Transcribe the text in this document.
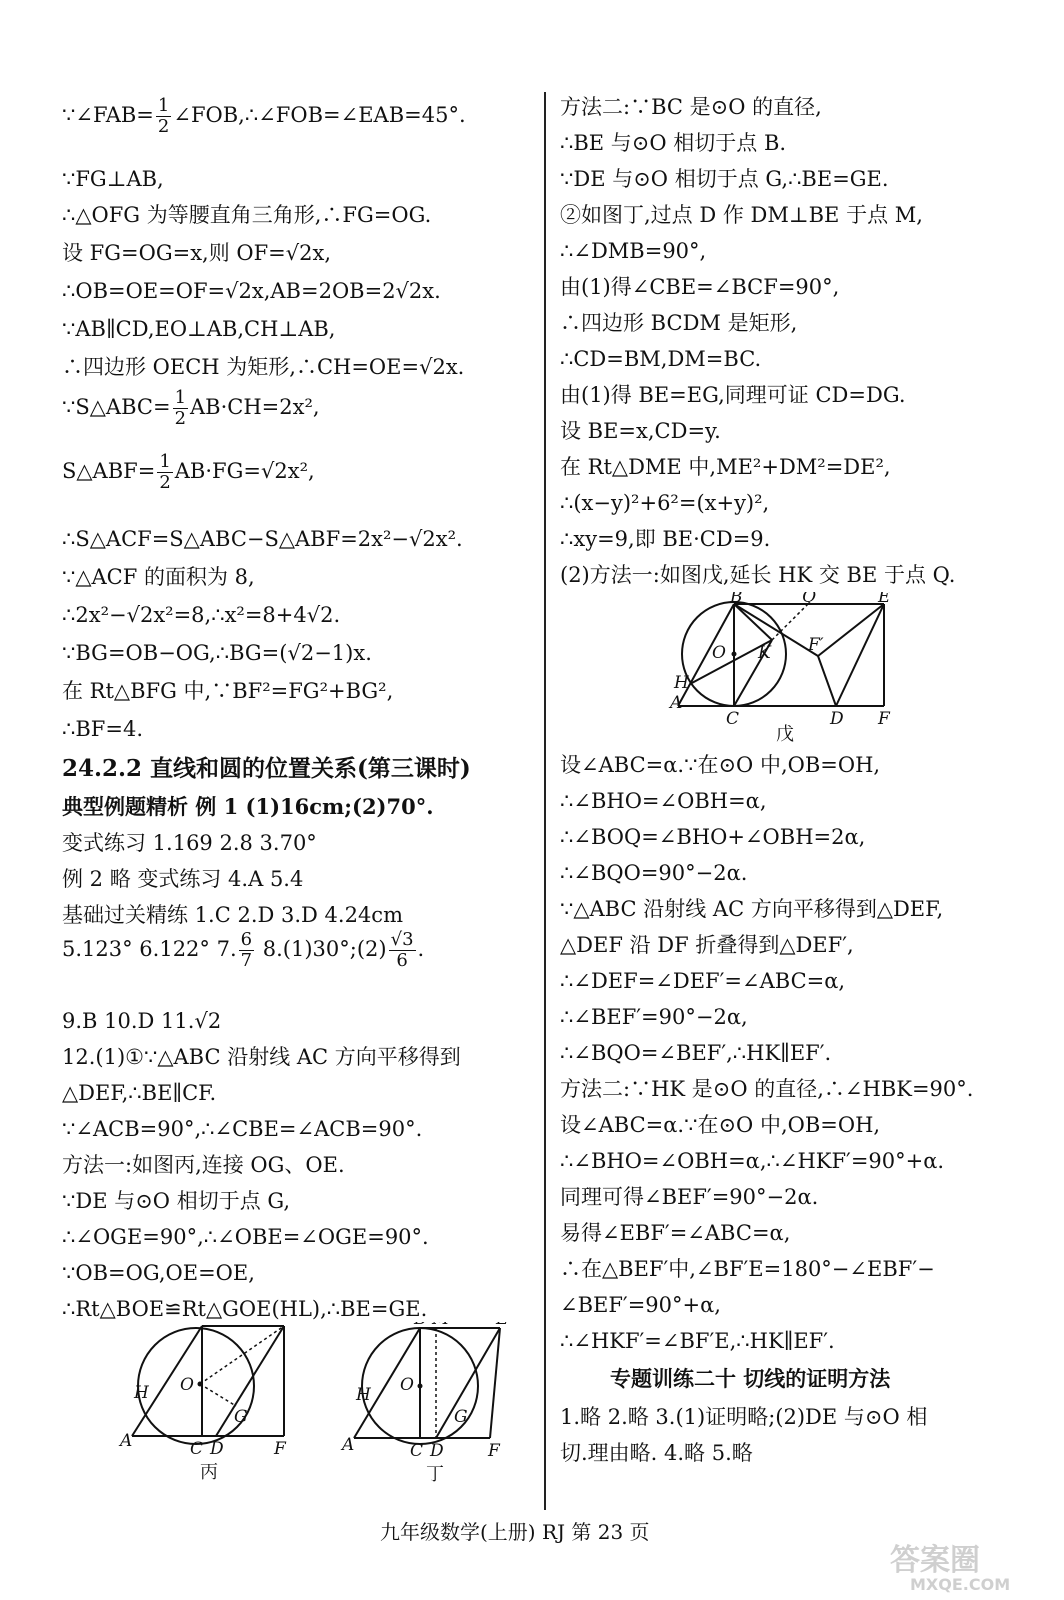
∵∠FAB= $\frac{1}{2}$ ∠FOB,∴∠FOB=∠EAB=45°.
∵FG⊥AB,
∴△OFG 为等腰直角三角形,∴FG=OG.
设 FG=OG=x,则 OF=√2x,
∴OB=OE=OF=√2x,AB=2OB=2√2x.
∵AB∥CD,EO⊥AB,CH⊥AB,
∴四边形 OECH 为矩形,∴CH=OE=√2x.
∵S△ABC= $\frac{1}{2} AB\cdot CH=2x^2$,
S△ABF= $\frac{1}{2} AB\cdot FG=√2x^2$,
∴S△ACF=S△ABC−S△ABF=2x²−√2x².
∵△ACF 的面积为 8,
∴2x²−√2x²=8,∴x²=8+4√2.
∵BG=OB−OG,∴BG=(√2−1)x.
在 Rt△BFG 中,∵BF²=FG²+BG²,
∴BF=4.
24.2.2 直线和圆的位置关系(第三课时)
典型例题精析 例 1 (1)16cm;(2)70°.
变式练习 1.169 2.8 3.70°
例 2 略 变式练习 4.A 5.4
基础过关精练 1.C 2.D 3.D 4.24cm
5.123° 6.122° 7. $\frac{6}{7}$ 8.(1)30°;(2) $\frac{√3}{6}$ .
9.B 10.D 11.√2
12.(1)①∵△ABC 沿射线 AC 方向平移得到
△DEF,∴BE∥CF.
∵∠ACB=90°,∴∠CBE=∠ACB=90°.
方法一:如图丙,连接 OG、OE.
∵DE 与⊙O 相切于点 G,
∴∠OGE=90°,∴∠OBE=∠OGE=90°.
∵OB=OG,OE=OE,
∴Rt△BOE≌Rt△GOE(HL),∴BE=GE.
方法二:∵BC 是⊙O 的直径,
∴BE 与⊙O 相切于点 B.
∵DE 与⊙O 相切于点 G,∴BE=GE.
②如图丁,过点 D 作 DM⊥BE 于点 M,
∴∠DMB=90°,
由(1)得∠CBE=∠BCF=90°,
∴四边形 BCDM 是矩形,
∴CD=BM,DM=BC.
由(1)得 BE=EG,同理可证 CD=DG.
设 BE=x,CD=y.
在 Rt△DME 中,ME²+DM²=DE²,
∴(x−y)²+6²=(x+y)²,
∴xy=9,即 BE·CD=9.
(2)方法一:如图戊,延长 HK 交 BE 于点 Q.
设∠ABC=α.∵在⊙O 中,OB=OH,
∴∠BHO=∠OBH=α,
∴∠BOQ=∠BHO+∠OBH=2α,
∴∠BQO=90°−2α.
∵△ABC 沿射线 AC 方向平移得到△DEF,
△DEF 沿 DF 折叠得到△DEF′,
∴∠DEF=∠DEF′=∠ABC=α,
∴∠BEF′=90°−2α,
∴∠BQO=∠BEF′,∴HK∥EF′.
方法二:∵HK 是⊙O 的直径,∴∠HBK=90°.
设∠ABC=α.∵在⊙O 中,OB=OH,
∴∠BHO=∠OBH=α,∴∠HKF′=90°+α.
同理可得∠BEF′=90°−2α.
易得∠EBF′=∠ABC=α,
∴在△BEF′中,∠BF′E=180°−∠EBF′−
∠BEF′=90°+α,
∴∠HKF′=∠BF′E,∴HK∥EF′.
专题训练二十 切线的证明方法
1.略 2.略 3.(1)证明略;(2)DE 与⊙O 相
切.理由略. 4.略 5.略
H O
G
A	C D	F
丙
H O
G
A	C D	F
丁
B	Q	E
O K F′
H
A
C	D F
戊
九年级数学(上册) RJ 第 23 页
答案圈
MXQE.COM
